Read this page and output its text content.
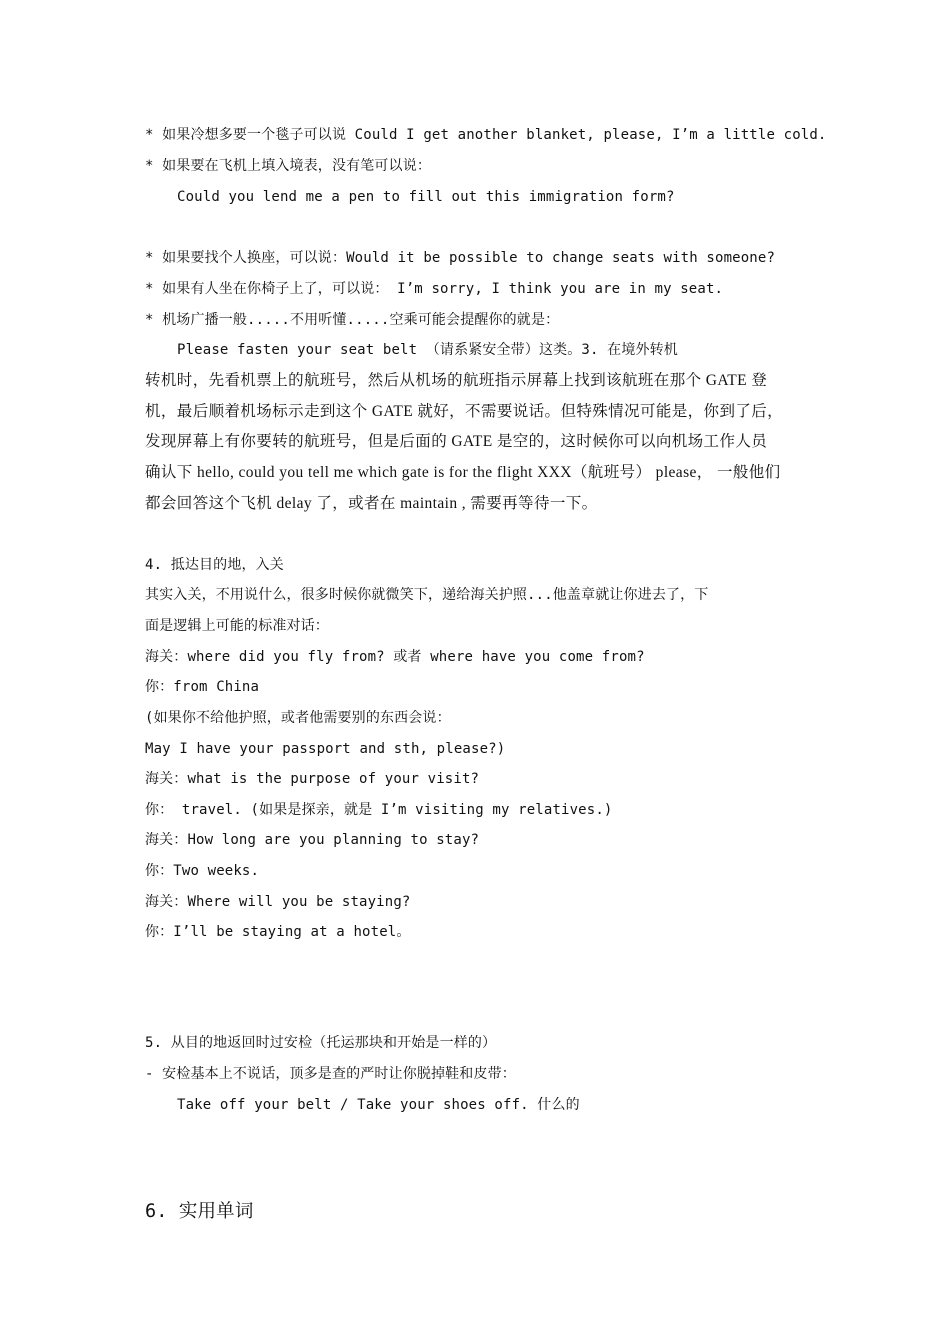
* 如果冷想多要一个毯子可以说 Could I get another blanket, please, I’m a little cold.
* 如果要在飞机上填入境表，没有笔可以说：
Could you lend me a pen to fill out this immigration form?
* 如果要找个人换座，可以说：Would it be possible to change seats with someone?
* 如果有人坐在你椅子上了，可以说： I’m sorry, I think you are in my seat.
* 机场广播一般.....不用听懂.....空乘可能会提醒你的就是：
Please fasten your seat belt （请系紧安全带）这类。3. 在境外转机
转机时，先看机票上的航班号，然后从机场的航班指示屏幕上找到该航班在那个 GATE 登
机，最后顺着机场标示走到这个 GATE 就好，不需要说话。但特殊情况可能是，你到了后，
发现屏幕上有你要转的航班号，但是后面的 GATE 是空的，这时候你可以向机场工作人员
确认下 hello, could you tell me which gate is for the flight XXX（航班号） please， 一般他们
都会回答这个飞机 delay 了，或者在 maintain , 需要再等待一下。
4. 抵达目的地，入关
其实入关，不用说什么，很多时候你就微笑下，递给海关护照...他盖章就让你进去了，下
面是逻辑上可能的标准对话：
海关：where did you fly from? 或者 where have you come from?
你：from China
(如果你不给他护照，或者他需要别的东西会说：
May I have your passport and sth, please?)
海关：what is the purpose of your visit?
你： travel. (如果是探亲，就是 I’m visiting my relatives.)
海关：How long are you planning to stay?
你：Two weeks.
海关：Where will you be staying?
你：I’ll be staying at a hotel。
5. 从目的地返回时过安检（托运那块和开始是一样的）
- 安检基本上不说话，顶多是查的严时让你脱掉鞋和皮带：
Take off your belt / Take your shoes off. 什么的
6. 实用单词
